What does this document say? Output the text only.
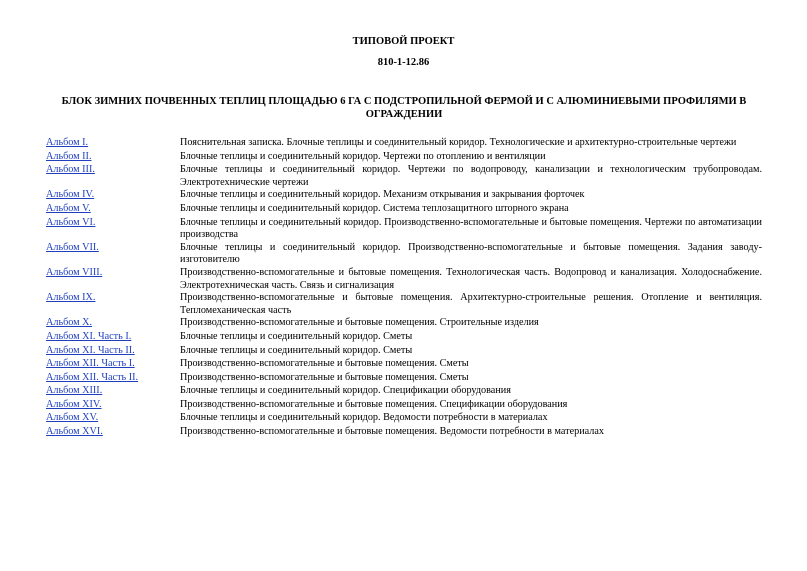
ТИПОВОЙ ПРОЕКТ
810-1-12.86
БЛОК ЗИМНИХ ПОЧВЕННЫХ ТЕПЛИЦ ПЛОЩАДЬЮ 6 ГА С ПОДСТРОПИЛЬНОЙ ФЕРМОЙ И С АЛЮМИНИЕВЫМИ ПРОФИЛЯМИ В ОГРАЖДЕНИИ
Альбом I.	Пояснительная записка. Блочные теплицы и соединительный коридор. Технологические и архитектурно-строительные чертежи
Альбом II.	Блочные теплицы и соединительный коридор. Чертежи по отоплению и вентиляции
Альбом III.	Блочные теплицы и соединительный коридор. Чертежи по водопроводу, канализации и технологическим трубопроводам. Электротехнические чертежи
Альбом IV.	Блочные теплицы и соединительный коридор. Механизм открывания и закрывания форточек
Альбом V.	Блочные теплицы и соединительный коридор. Система теплозащитного шторного экрана
Альбом VI.	Блочные теплицы и соединительный коридор. Производственно-вспомогательные и бытовые помещения. Чертежи по автоматизации производства
Альбом VII.	Блочные теплицы и соединительный коридор. Производственно-вспомогательные и бытовые помещения. Задания заводу-изготовителю
Альбом VIII.	Производственно-вспомогательные и бытовые помещения. Технологическая часть. Водопровод и канализация. Холодоснабжение. Электротехническая часть. Связь и сигнализация
Альбом IX.	Производственно-вспомогательные и бытовые помещения. Архитектурно-строительные решения. Отопление и вентиляция. Тепломеханическая часть
Альбом X.	Производственно-вспомогательные и бытовые помещения. Строительные изделия
Альбом XI. Часть I.	Блочные теплицы и соединительный коридор. Сметы
Альбом XI. Часть II.	Блочные теплицы и соединительный коридор. Сметы
Альбом XII. Часть I.	Производственно-вспомогательные и бытовые помещения. Сметы
Альбом XII. Часть II.	Производственно-вспомогательные и бытовые помещения. Сметы
Альбом XIII.	Блочные теплицы и соединительный коридор. Спецификации оборудования
Альбом XIV.	Производственно-вспомогательные и бытовые помещения. Спецификации оборудования
Альбом XV.	Блочные теплицы и соединительный коридор. Ведомости потребности в материалах
Альбом XVI.	Производственно-вспомогательные и бытовые помещения. Ведомости потребности в материалах
